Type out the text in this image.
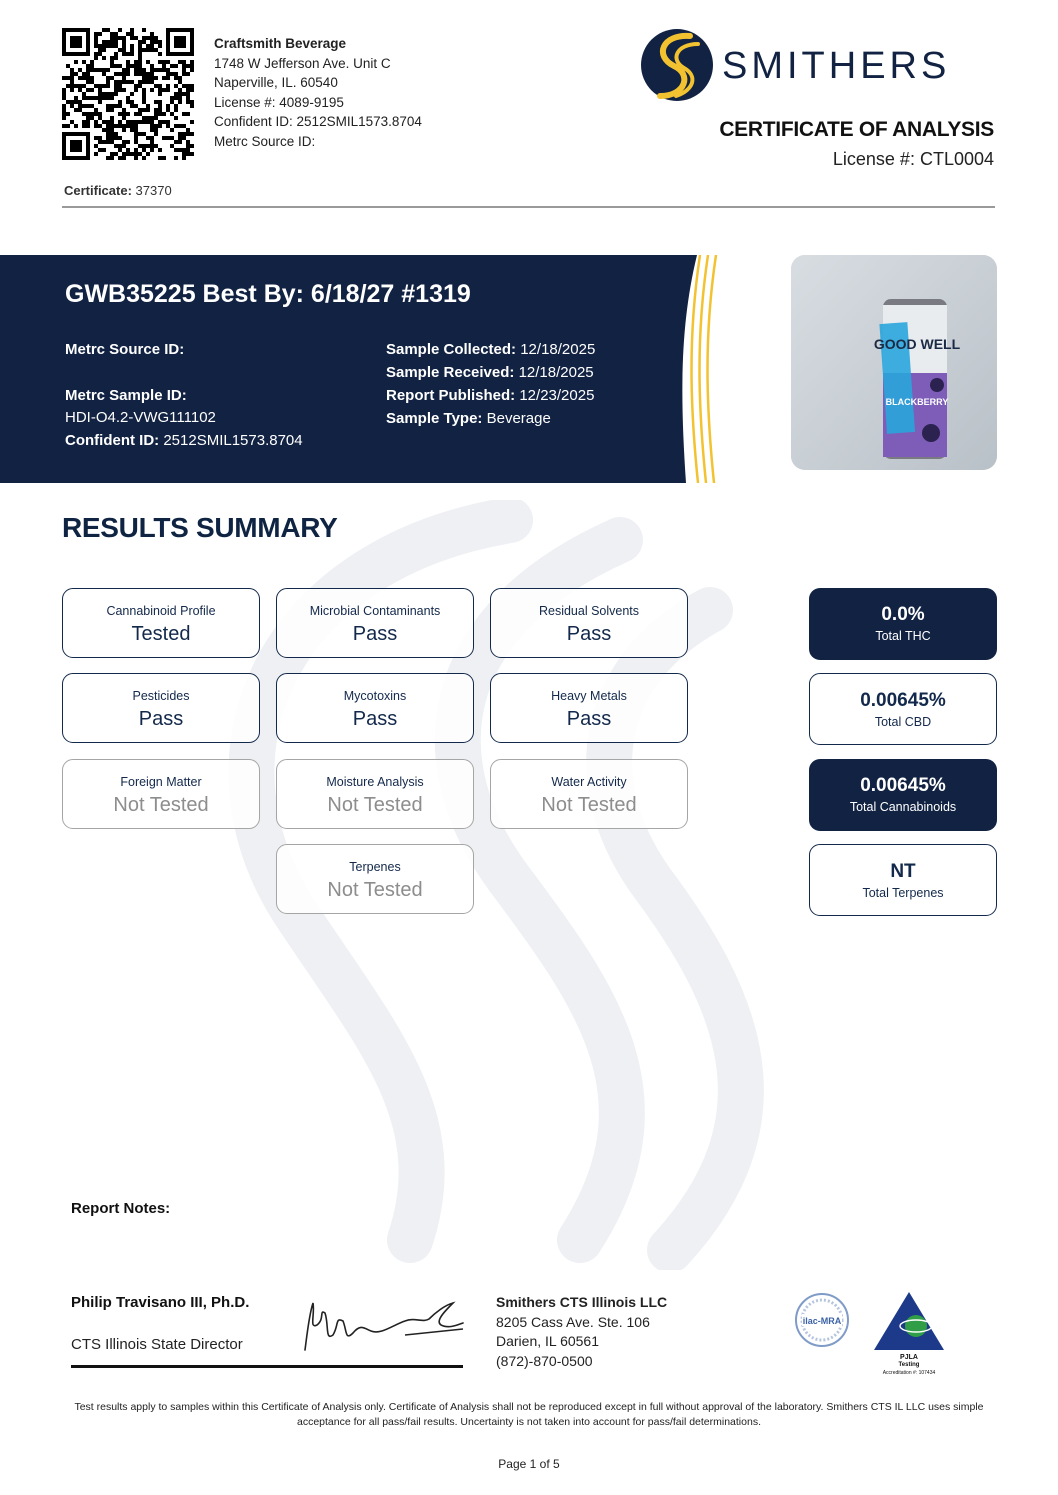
Craftsmith Beverage
1748 W Jefferson Ave. Unit C
Naperville, IL. 60540
License #: 4089-9195
Confident ID: 2512SMIL1573.8704
Metrc Source ID:
SMITHERS
CERTIFICATE OF ANALYSIS
License #: CTL0004
Certificate: 37370
GWB35225 Best By: 6/18/27 #1319
Metrc Source ID:
Metrc Sample ID:
HDI-O4.2-VWG111102
Confident ID: 2512SMIL1573.8704
Sample Collected: 12/18/2025
Sample Received: 12/18/2025
Report Published: 12/23/2025
Sample Type: Beverage
GOOD WELL
BLACKBERRY
RESULTS SUMMARY
Cannabinoid Profile
Tested
Microbial Contaminants
Pass
Residual Solvents
Pass
Pesticides
Pass
Mycotoxins
Pass
Heavy Metals
Pass
Foreign Matter
Not Tested
Moisture Analysis
Not Tested
Water Activity
Not Tested
Terpenes
Not Tested
0.0%
Total THC
0.00645%
Total CBD
0.00645%
Total Cannabinoids
NT
Total Terpenes
Report Notes:
Philip Travisano III, Ph.D.
CTS Illinois State Director
Smithers CTS Illinois LLC
8205 Cass Ave. Ste. 106
Darien, IL 60561
(872)-870-0500
ilac-MRA
PJLA
Testing
Accreditation #: 107434
Test results apply to samples within this Certificate of Analysis only. Certificate of Analysis shall not be reproduced except in full without approval of the laboratory. Smithers CTS IL LLC uses simple acceptance for all pass/fail results. Uncertainty is not taken into account for pass/fail determinations.
Page 1 of 5
